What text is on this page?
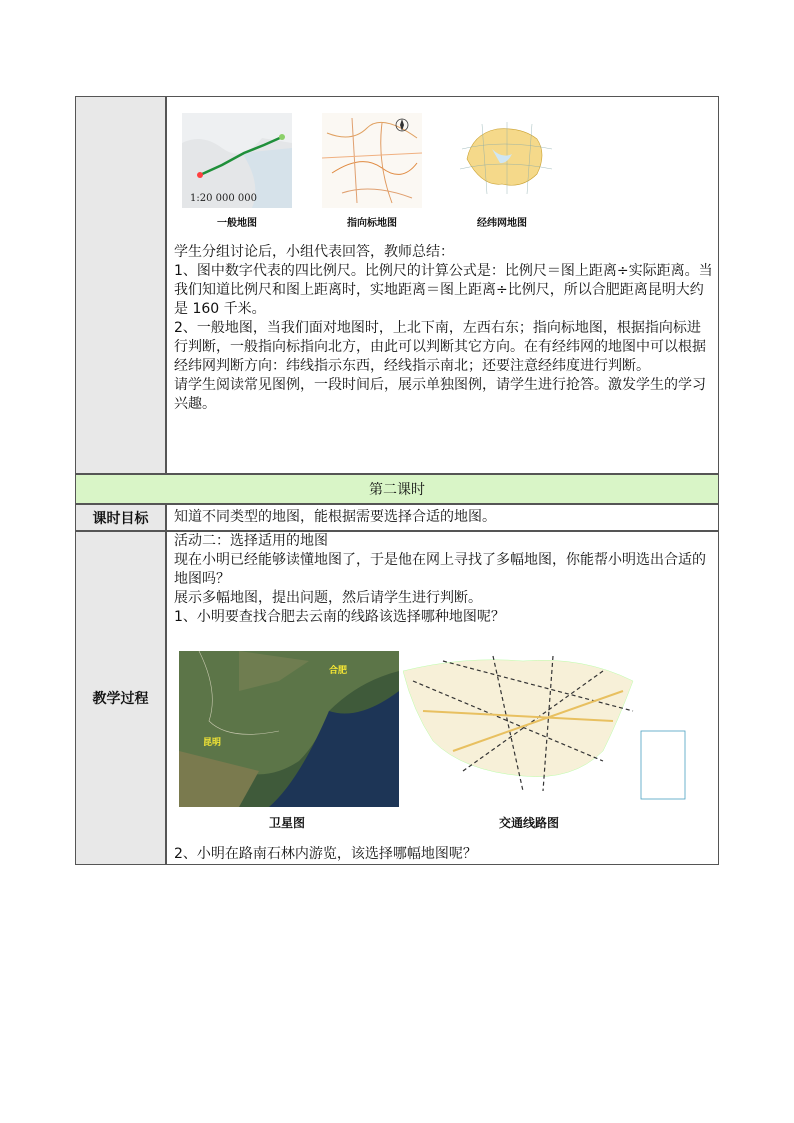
1:20 000 000
一般地图	指向标地图	经纬网地图

学生分组讨论后，小组代表回答，教师总结：

1、图中数字代表的四比例尺。比例尺的计算公式是：比例尺＝图上距离÷实际距离。当我们知道比例尺和图上距离时，实地距离＝图上距离÷比例尺，所以合肥距离昆明大约是 160 千米。

2、一般地图，当我们面对地图时，上北下南，左西右东；指向标地图，根据指向标进行判断，一般指向标指向北方，由此可以判断其它方向。在有经纬网的地图中可以根据经纬网判断方向：纬线指示东西，经线指示南北；还要注意经纬度进行判断。

请学生阅读常见图例，一段时间后，展示单独图例，请学生进行抢答。激发学生的学习兴趣。

第二课时
课时目标	知道不同类型的地图，能根据需要选择合适的地图。
教学过程

活动二：选择适用的地图

现在小明已经能够读懂地图了，于是他在网上寻找了多幅地图，你能帮小明选出合适的地图吗？

展示多幅地图，提出问题，然后请学生进行判断。

1、小明要查找合肥去云南的线路该选择哪种地图呢？

合肥
昆明
卫星图	交通线路图
2、小明在路南石林内游览，该选择哪幅地图呢？
